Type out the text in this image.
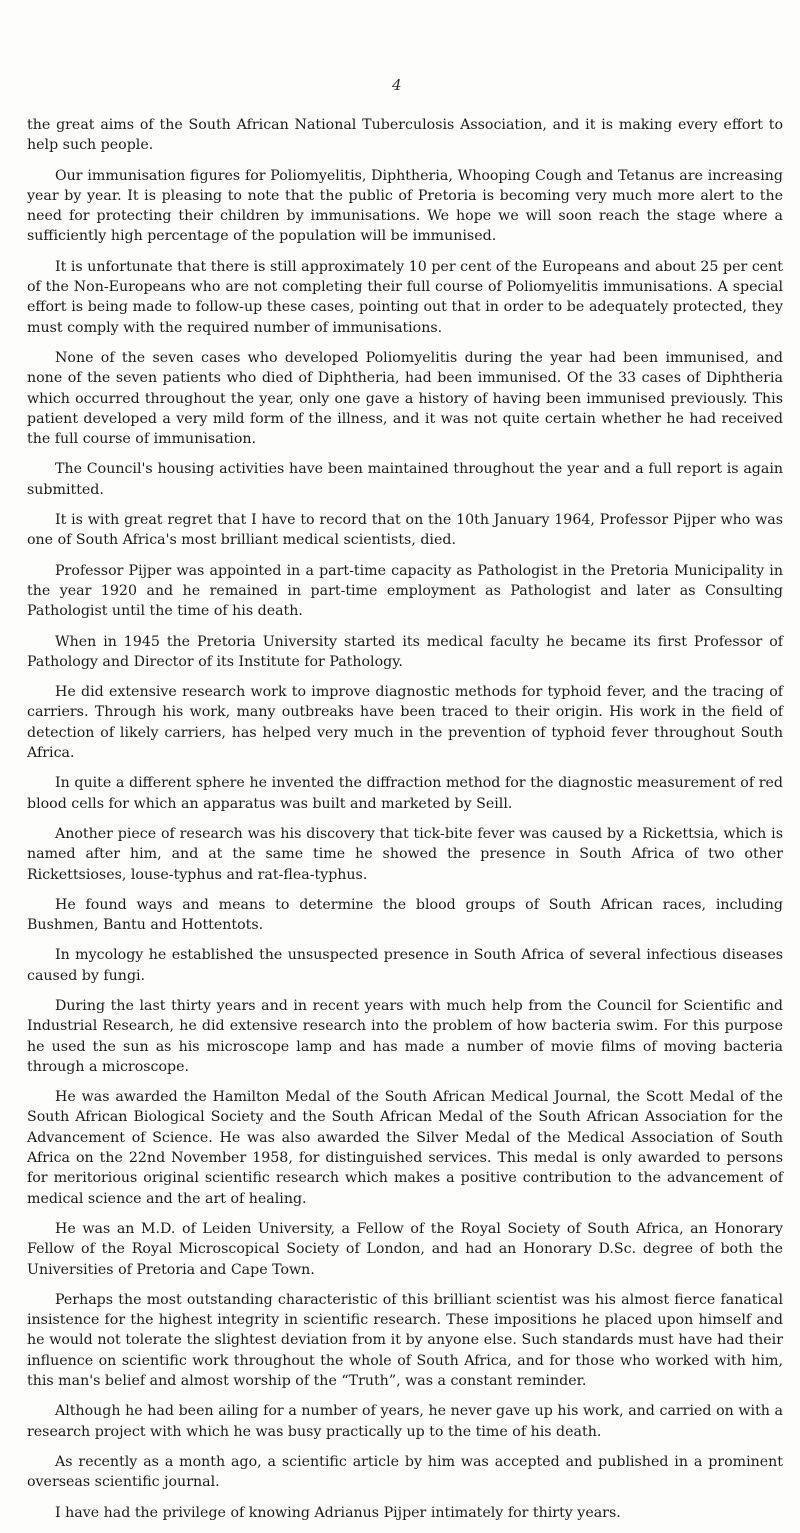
4

the great aims of the South African National Tuberculosis Association, and it is making every effort to help such people.

Our immunisation figures for Poliomyelitis, Diphtheria, Whooping Cough and Tetanus are increasing year by year. It is pleasing to note that the public of Pretoria is becoming very much more alert to the need for protecting their children by immunisations. We hope we will soon reach the stage where a sufficiently high percentage of the population will be immunised.

It is unfortunate that there is still approximately 10 per cent of the Europeans and about 25 per cent of the Non-Europeans who are not completing their full course of Poliomyelitis immunisations. A special effort is being made to follow-up these cases, pointing out that in order to be adequately protected, they must comply with the required number of immunisations.

None of the seven cases who developed Poliomyelitis during the year had been immunised, and none of the seven patients who died of Diphtheria, had been immunised. Of the 33 cases of Diphtheria which occurred throughout the year, only one gave a history of having been immunised previously. This patient developed a very mild form of the illness, and it was not quite certain whether he had received the full course of immunisation.

The Council's housing activities have been maintained throughout the year and a full report is again submitted.

It is with great regret that I have to record that on the 10th January 1964, Professor Pijper who was one of South Africa's most brilliant medical scientists, died.

Professor Pijper was appointed in a part-time capacity as Pathologist in the Pretoria Municipality in the year 1920 and he remained in part-time employment as Pathologist and later as Consulting Pathologist until the time of his death.

When in 1945 the Pretoria University started its medical faculty he became its first Professor of Pathology and Director of its Institute for Pathology.

He did extensive research work to improve diagnostic methods for typhoid fever, and the tracing of carriers. Through his work, many outbreaks have been traced to their origin. His work in the field of detection of likely carriers, has helped very much in the prevention of typhoid fever throughout South Africa.

In quite a different sphere he invented the diffraction method for the diagnostic measurement of red blood cells for which an apparatus was built and marketed by Seill.

Another piece of research was his discovery that tick-bite fever was caused by a Rickettsia, which is named after him, and at the same time he showed the presence in South Africa of two other Rickettsioses, louse-typhus and rat-flea-typhus.

He found ways and means to determine the blood groups of South African races, including Bushmen, Bantu and Hottentots.

In mycology he established the unsuspected presence in South Africa of several infectious diseases caused by fungi.

During the last thirty years and in recent years with much help from the Council for Scientific and Industrial Research, he did extensive research into the problem of how bacteria swim. For this purpose he used the sun as his microscope lamp and has made a number of movie films of moving bacteria through a microscope.

He was awarded the Hamilton Medal of the South African Medical Journal, the Scott Medal of the South African Biological Society and the South African Medal of the South African Association for the Advancement of Science. He was also awarded the Silver Medal of the Medical Association of South Africa on the 22nd November 1958, for distinguished services. This medal is only awarded to persons for meritorious original scientific research which makes a positive contribution to the advancement of medical science and the art of healing.

He was an M.D. of Leiden University, a Fellow of the Royal Society of South Africa, an Honorary Fellow of the Royal Microscopical Society of London, and had an Honorary D.Sc. degree of both the Universities of Pretoria and Cape Town.

Perhaps the most outstanding characteristic of this brilliant scientist was his almost fierce fanatical insistence for the highest integrity in scientific research. These impositions he placed upon himself and he would not tolerate the slightest deviation from it by anyone else. Such standards must have had their influence on scientific work throughout the whole of South Africa, and for those who worked with him, this man's belief and almost worship of the “Truth”, was a constant reminder.

Although he had been ailing for a number of years, he never gave up his work, and carried on with a research project with which he was busy practically up to the time of his death.

As recently as a month ago, a scientific article by him was accepted and published in a prominent overseas scientific journal.

I have had the privilege of knowing Adrianus Pijper intimately for thirty years.
